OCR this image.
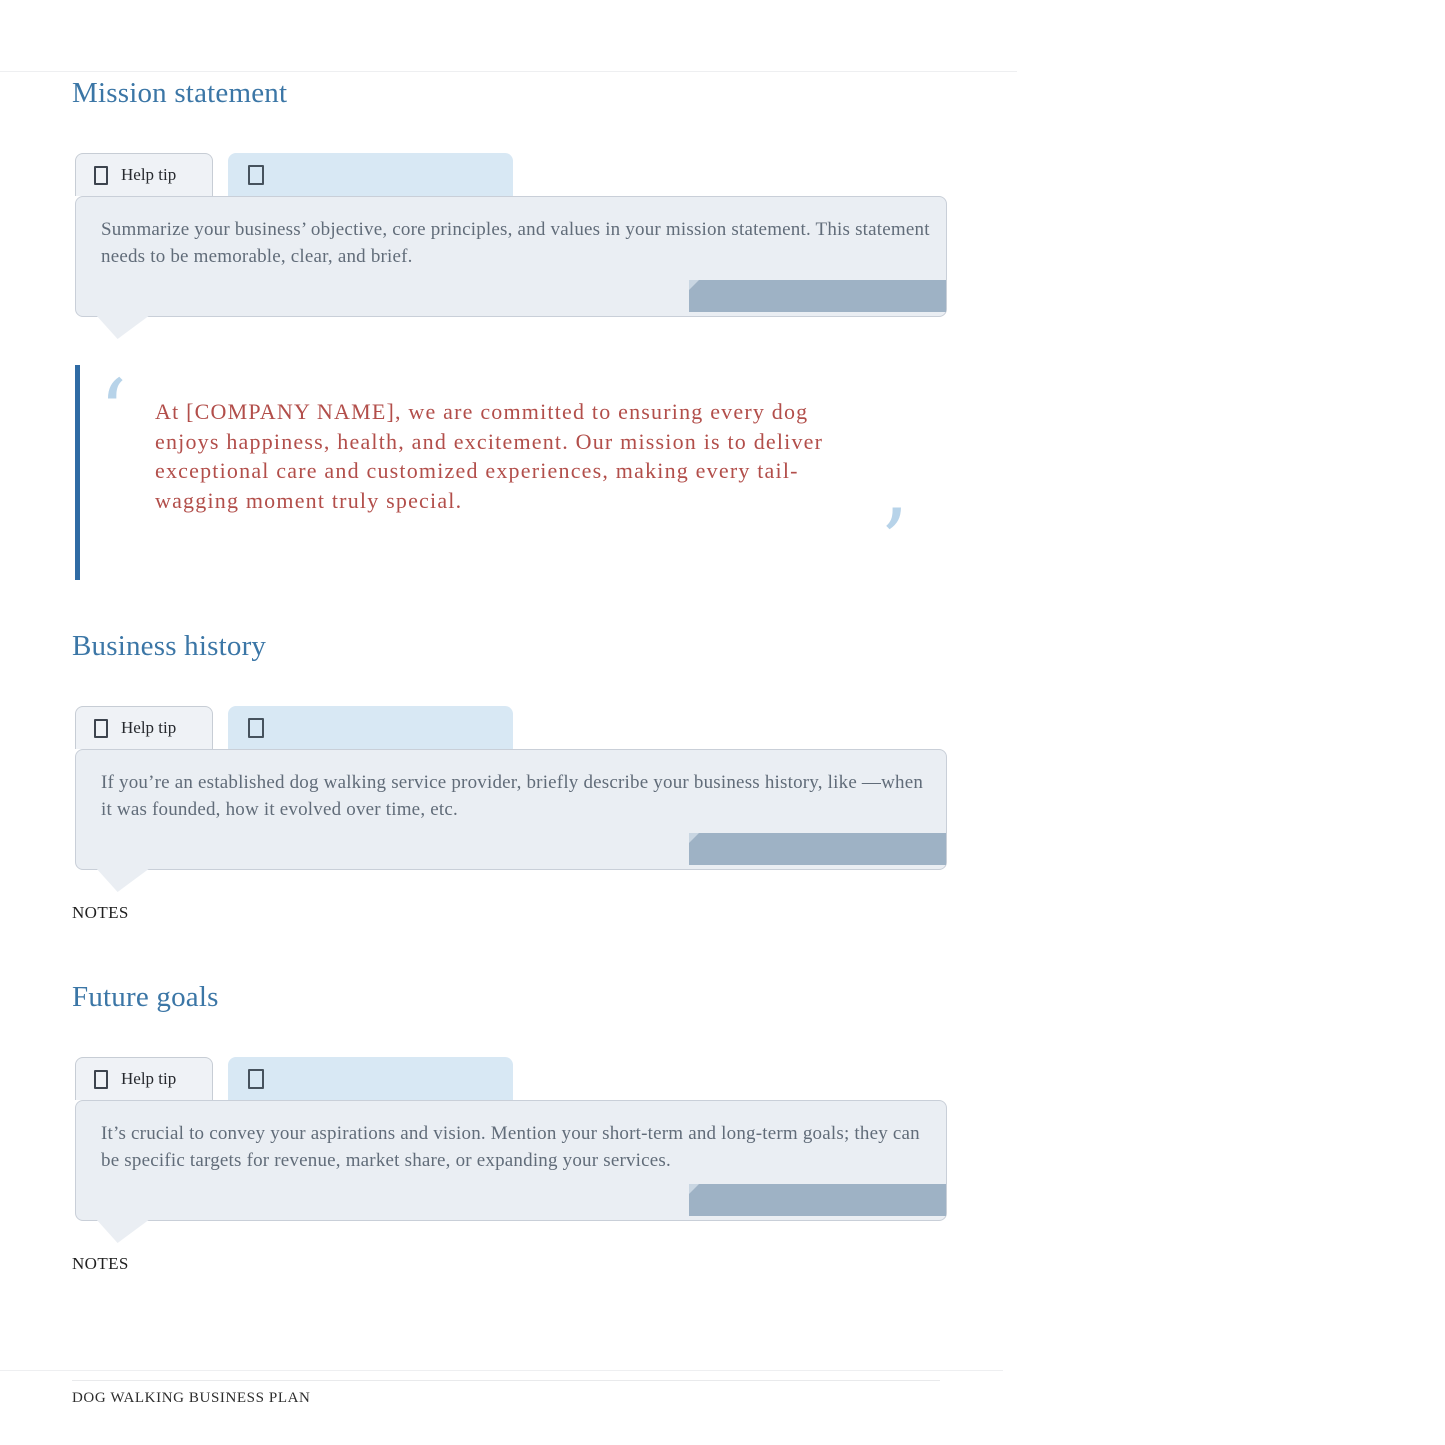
Mission statement
Help tip

Summarize your business’ objective, core principles, and values in your mission statement. This statement needs to be memorable, clear, and brief.

‘ At [COMPANY NAME], we are committed to ensuring every dog enjoys happiness, health, and excitement. Our mission is to deliver exceptional care and customized experiences, making every tail-wagging moment truly special.	’
Business history
Help tip

If you’re an established dog walking service provider, briefly describe your business history, like —when it was founded, how it evolved over time, etc.

NOTES
Future goals
Help tip

It’s crucial to convey your aspirations and vision. Mention your short-term and long-term goals; they can be specific targets for revenue, market share, or expanding your services.

NOTES
DOG WALKING BUSINESS PLAN
